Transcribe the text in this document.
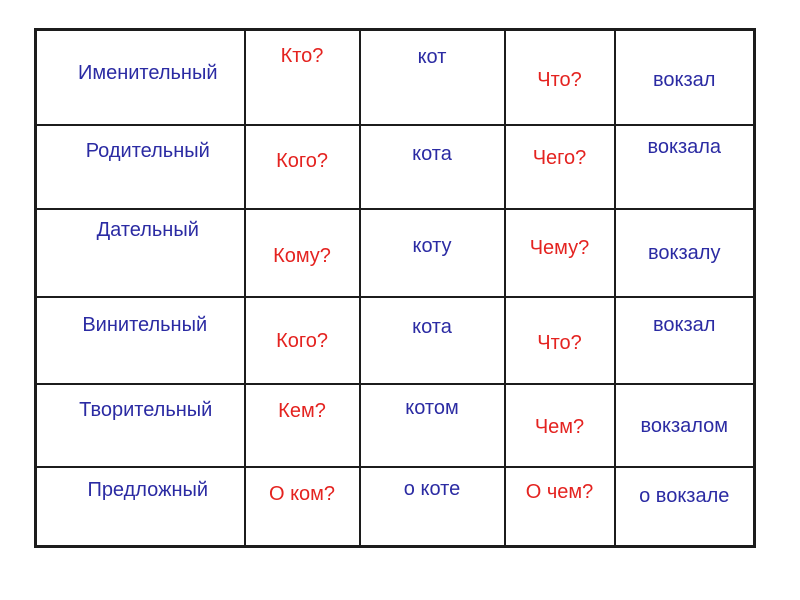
Именительный	Кто?	кот	Что?	вокзал
Родительный	Кого?	кота	Чего?	вокзала
Дательный	Кому?	коту	Чему?	вокзалу
Винительный	Кого?	кота	Что?	вокзал
Творительный	Кем?	котом	Чем?	вокзалом
Предложный	О ком?	о коте	О чем?	о вокзале
